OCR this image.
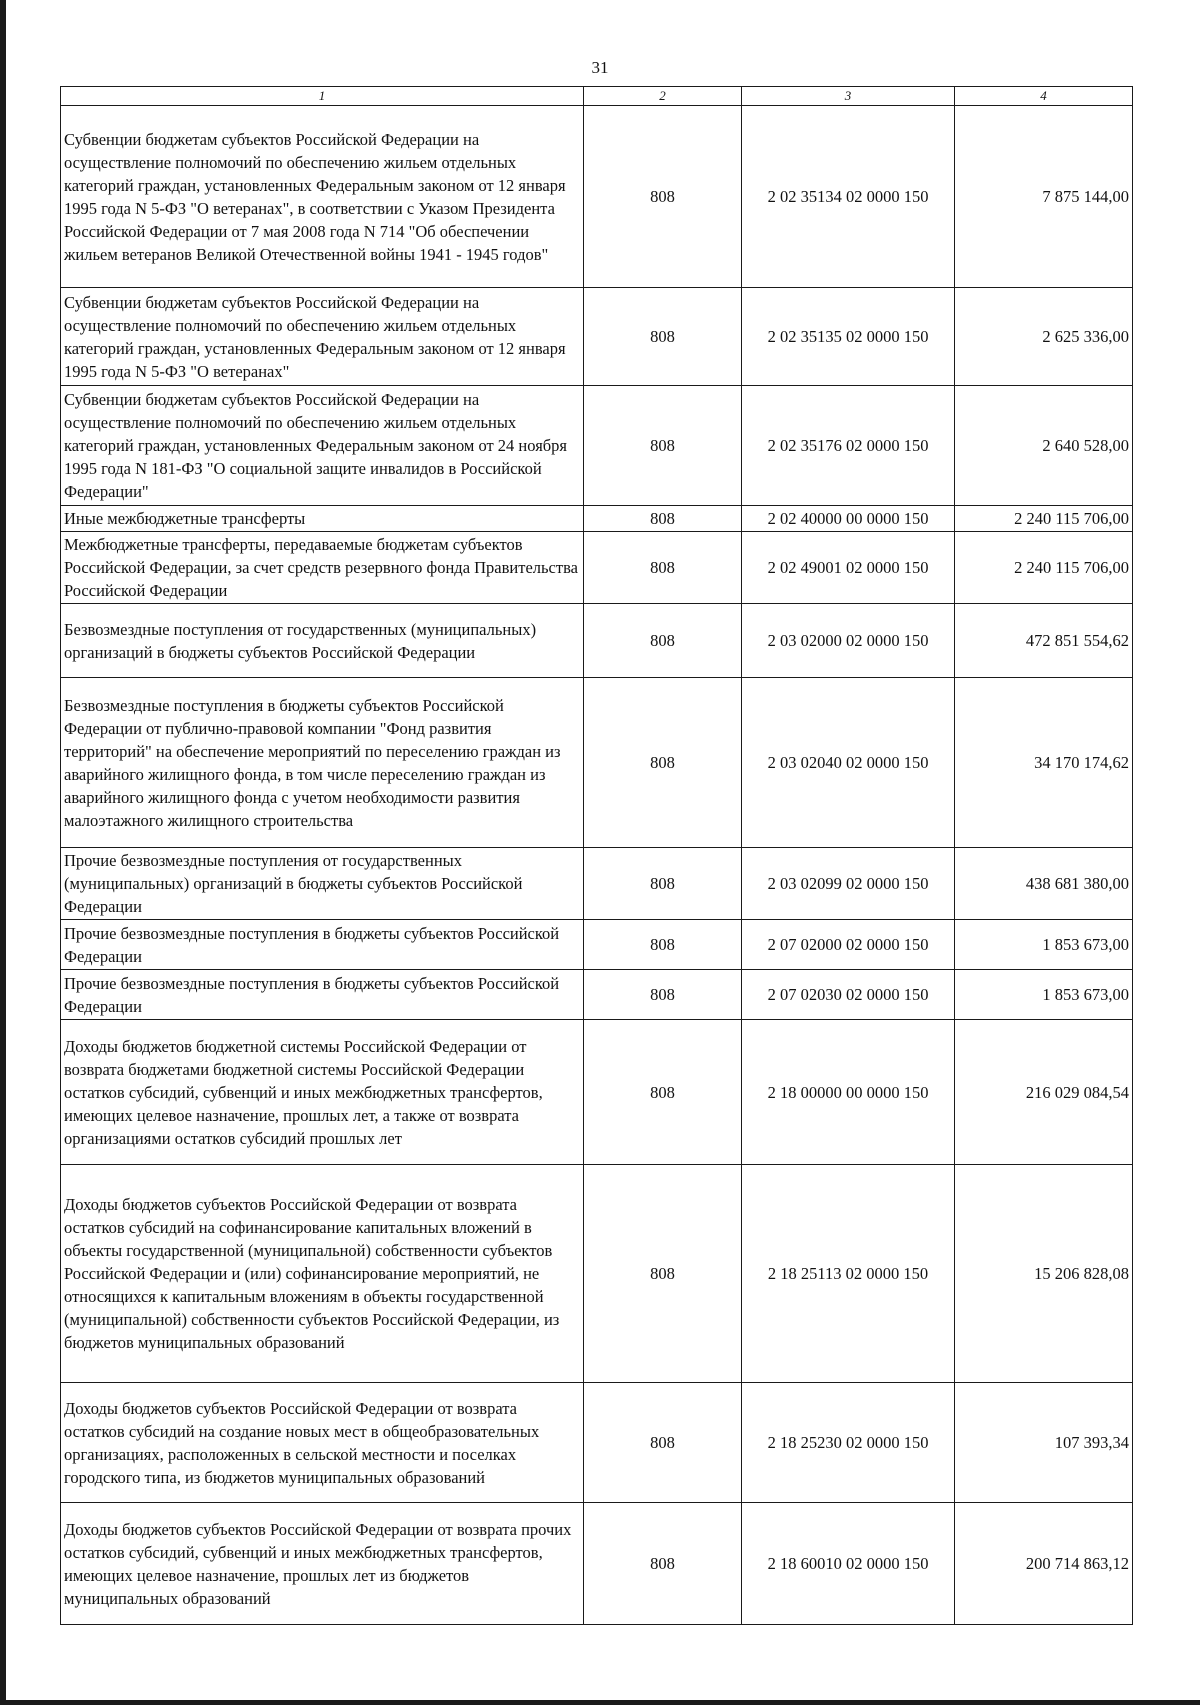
31
1	2	3	4
Субвенции бюджетам субъектов Российской Федерации на осуществление полномочий по обеспечению жильем отдельных категорий граждан, установленных Федеральным законом от 12 января 1995 года N 5-ФЗ "О ветеранах", в соответствии с Указом Президента Российской Федерации от 7 мая 2008 года N 714 "Об обеспечении жильем ветеранов Великой Отечественной войны 1941 - 1945 годов"	808	2 02 35134 02 0000 150	7 875 144,00
Субвенции бюджетам субъектов Российской Федерации на осуществление полномочий по обеспечению жильем отдельных категорий граждан, установленных Федеральным законом от 12 января 1995 года N 5-ФЗ "О ветеранах"	808	2 02 35135 02 0000 150	2 625 336,00
Субвенции бюджетам субъектов Российской Федерации на осуществление полномочий по обеспечению жильем отдельных категорий граждан, установленных Федеральным законом от 24 ноября 1995 года N 181-ФЗ "О социальной защите инвалидов в Российской Федерации"	808	2 02 35176 02 0000 150	2 640 528,00
Иные межбюджетные трансферты	808	2 02 40000 00 0000 150	2 240 115 706,00
Межбюджетные трансферты, передаваемые бюджетам субъектов Российской Федерации, за счет средств резервного фонда Правительства Российской Федерации	808	2 02 49001 02 0000 150	2 240 115 706,00
Безвозмездные поступления от государственных (муниципальных) организаций в бюджеты субъектов Российской Федерации	808	2 03 02000 02 0000 150	472 851 554,62
Безвозмездные поступления в бюджеты субъектов Российской Федерации от публично-правовой компании "Фонд развития территорий" на обеспечение мероприятий по переселению граждан из аварийного жилищного фонда, в том числе переселению граждан из аварийного жилищного фонда с учетом необходимости развития малоэтажного жилищного строительства	808	2 03 02040 02 0000 150	34 170 174,62
Прочие безвозмездные поступления от государственных (муниципальных) организаций в бюджеты субъектов Российской Федерации	808	2 03 02099 02 0000 150	438 681 380,00
Прочие безвозмездные поступления в бюджеты субъектов Российской Федерации	808	2 07 02000 02 0000 150	1 853 673,00
Прочие безвозмездные поступления в бюджеты субъектов Российской Федерации	808	2 07 02030 02 0000 150	1 853 673,00
Доходы бюджетов бюджетной системы Российской Федерации от возврата бюджетами бюджетной системы Российской Федерации остатков субсидий, субвенций и иных межбюджетных трансфертов, имеющих целевое назначение, прошлых лет, а также от возврата организациями остатков субсидий прошлых лет	808	2 18 00000 00 0000 150	216 029 084,54
Доходы бюджетов субъектов Российской Федерации от возврата остатков субсидий на софинансирование капитальных вложений в объекты государственной (муниципальной) собственности субъектов Российской Федерации и (или) софинансирование мероприятий, не относящихся к капитальным вложениям в объекты государственной (муниципальной) собственности субъектов Российской Федерации, из бюджетов муниципальных образований	808	2 18 25113 02 0000 150	15 206 828,08
Доходы бюджетов субъектов Российской Федерации от возврата остатков субсидий на создание новых мест в общеобразовательных организациях, расположенных в сельской местности и поселках городского типа, из бюджетов муниципальных образований	808	2 18 25230 02 0000 150	107 393,34
Доходы бюджетов субъектов Российской Федерации от возврата прочих остатков субсидий, субвенций и иных межбюджетных трансфертов, имеющих целевое назначение, прошлых лет из бюджетов муниципальных образований	808	2 18 60010 02 0000 150	200 714 863,12
